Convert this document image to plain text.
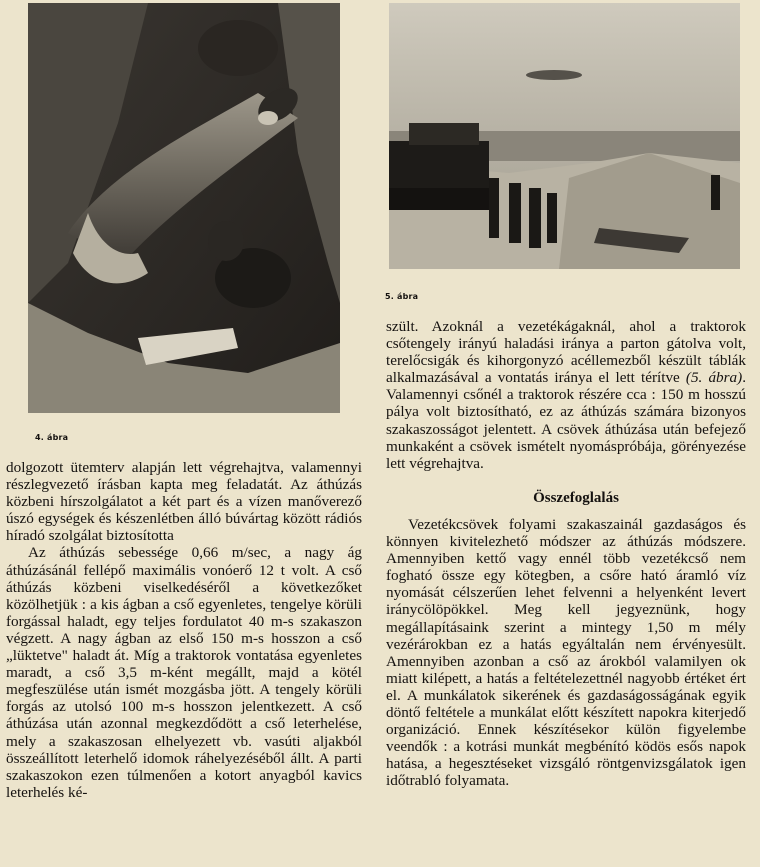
4. ábra
5. ábra

dolgozott ütemterv alapján lett végrehajtva, valamennyi részlegvezető írásban kapta meg feladatát. Az áthúzás közbeni hírszolgálatot a két part és a vízen manőverező úszó egységek és készenlétben álló búvártag között rádiós híradó szolgálat biztosította

Az áthúzás sebessége 0,66 m/sec, a nagy ág áthúzásánál fellépő maximális vonóerő 12 t volt. A cső áthúzás közbeni viselkedéséről a következőket közölhetjük : a kis ágban a cső egyenletes, tengelye körüli forgással haladt, egy teljes fordulatot 40 m-s szakaszon végzett. A nagy ágban az első 150 m-s hosszon a cső „lüktetve" haladt át. Míg a traktorok vontatása egyenletes maradt, a cső 3,5 m-ként megállt, majd a kötél megfeszülése után ismét mozgásba jött. A tengely körüli forgás az utolsó 100 m-s hosszon jelentkezett. A cső áthúzása után azonnal megkezdődött a cső leterhelése, mely a szakaszosan elhelyezett vb. vasúti aljakból összeállított leterhelő idomok ráhelyezéséből állt. A parti szakaszokon ezen túlmenően a kotort anyagból kavics leterhelés ké-

szült. Azoknál a vezetékágaknál, ahol a traktorok csőtengely irányú haladási iránya a parton gátolva volt, terelőcsigák és kihorgonyzó acéllemezből készült táblák alkalmazásával a vontatás iránya el lett térítve (5. ábra). Valamennyi csőnél a traktorok részére cca : 150 m hosszú pálya volt biztosítható, ez az áthúzás számára bizonyos szakaszosságot jelentett. A csövek áthúzása után befejező munkaként a csövek ismételt nyomáspróbája, görényezése lett végrehajtva.

Összefoglalás

Vezetékcsövek folyami szakaszainál gazdaságos és könnyen kivitelezhető módszer az áthúzás módszere. Amennyiben kettő vagy ennél több vezetékcső nem fogható össze egy kötegben, a csőre ható áramló víz nyomását célszerűen lehet felvenni a helyenként levert iránycölöpökkel. Meg kell jegyeznünk, hogy megállapításaink szerint a mintegy 1,50 m mély vezérárokban ez a hatás egyáltalán nem érvényesült. Amennyiben azonban a cső az árokból valamilyen ok miatt kilépett, a hatás a feltételezettnél nagyobb értéket ért el. A munkálatok sikerének és gazdaságosságának egyik döntő feltétele a munkálat előtt készített napokra kiterjedő organizáció. Ennek készítésekor külön figyelembe veendők : a kotrási munkát megbénító ködös esős napok hatása, a hegesztéseket vizsgáló röntgenvizsgálatok igen időtrabló folyamata.
